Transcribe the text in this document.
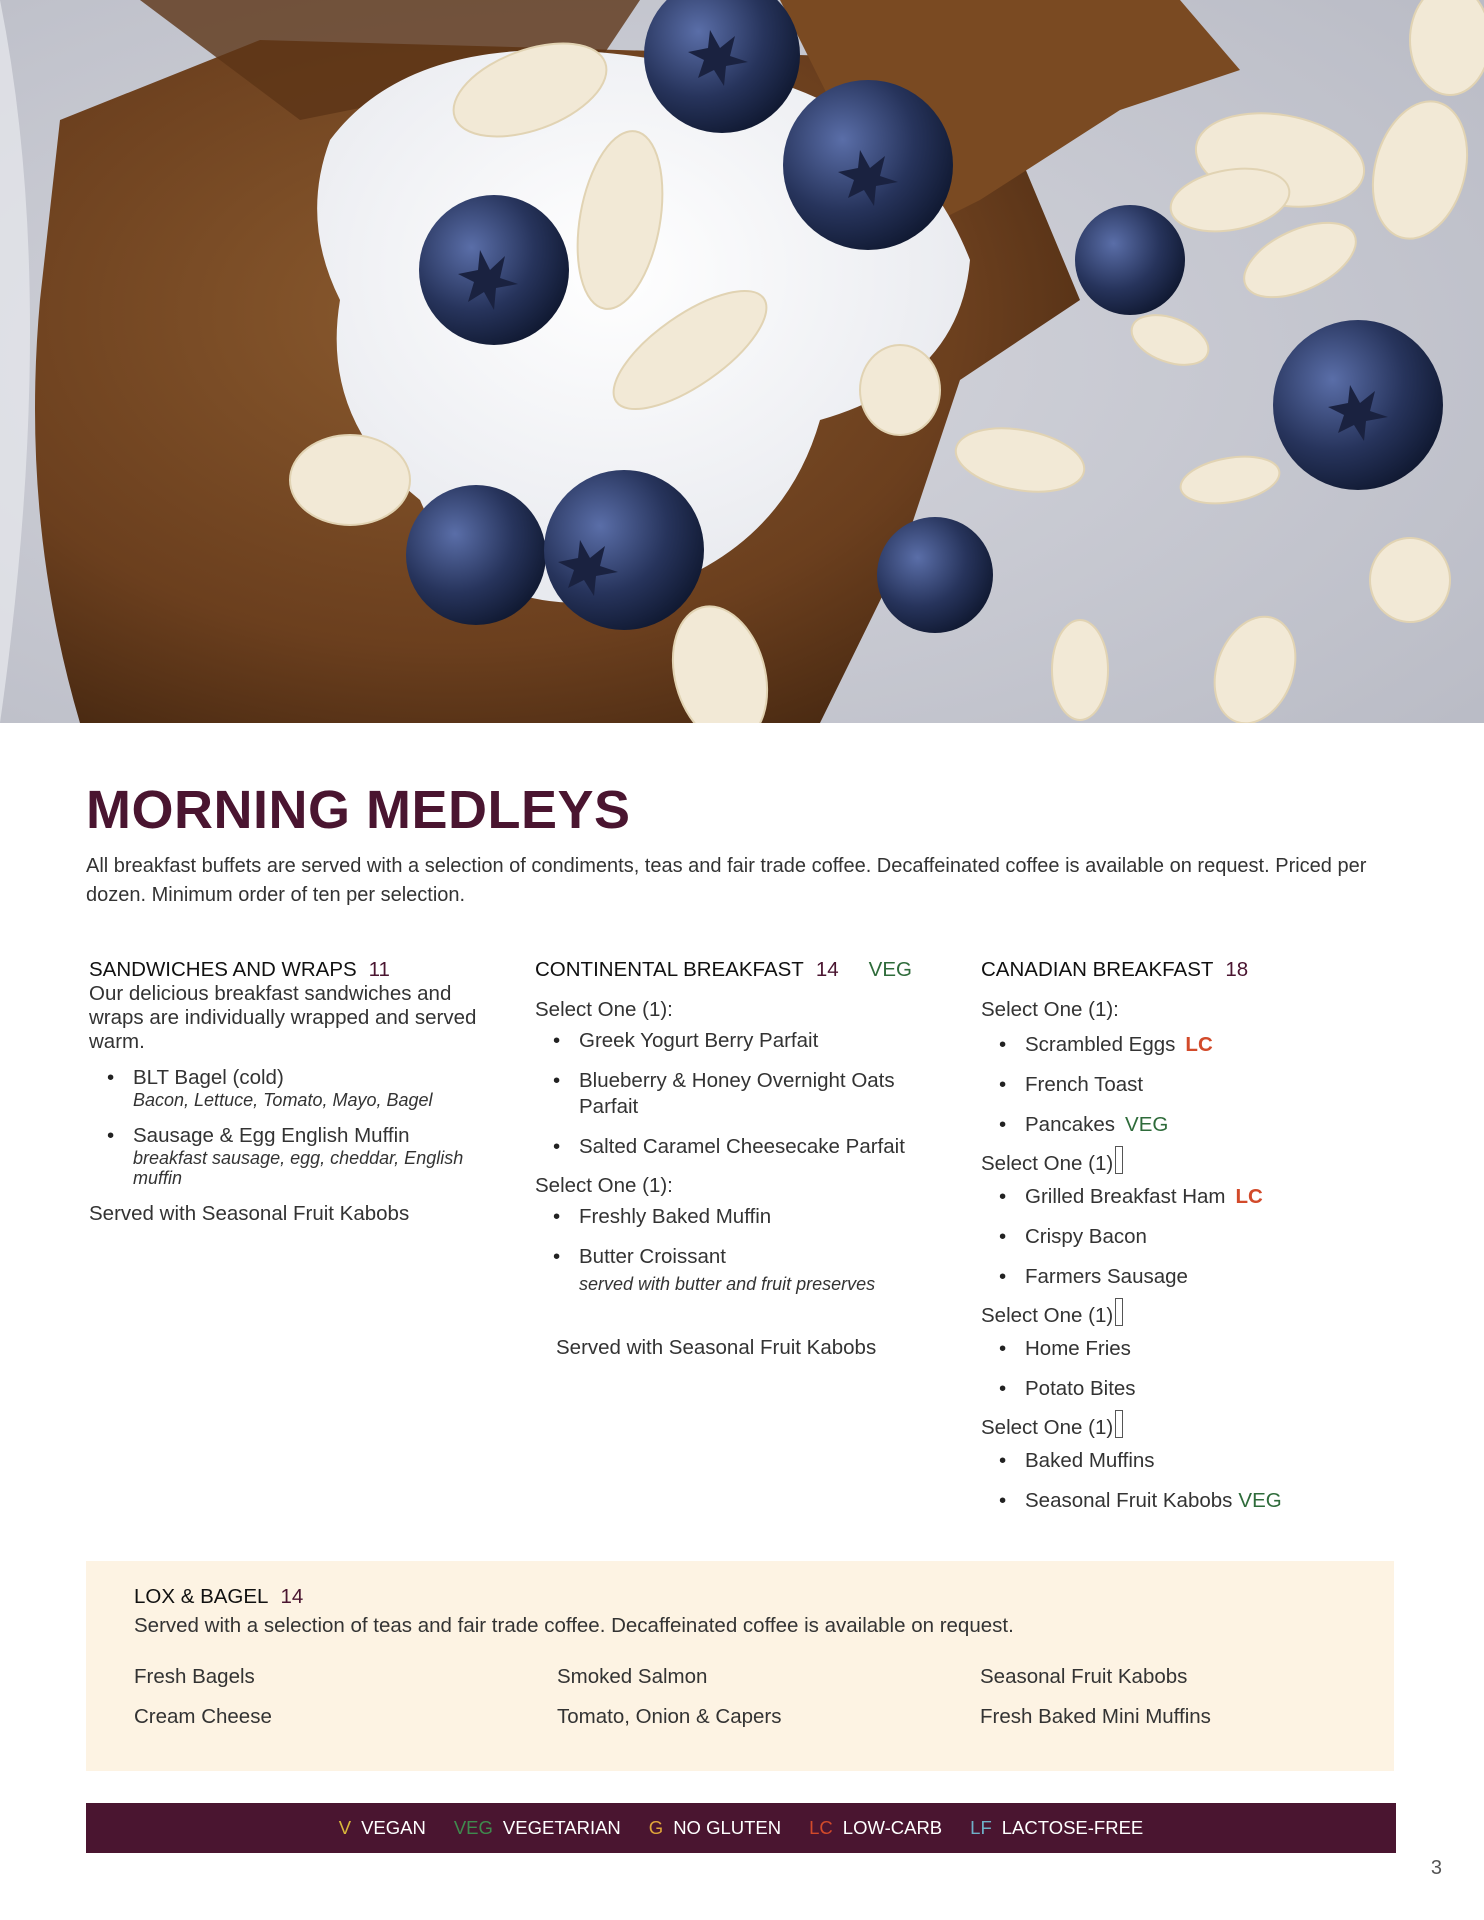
MORNING MEDLEYS

All breakfast buffets are served with a selection of condiments, teas and fair trade coffee. Decaffeinated coffee is available on request. Priced per dozen. Minimum order of ten per selection.

SANDWICHES AND WRAPS 11

Our delicious breakfast sandwiches and wraps are individually wrapped and served warm.

• BLT Bagel (cold)
Bacon, Lettuce, Tomato, Mayo, Bagel
• Sausage & Egg English Muffin
breakfast sausage, egg, cheddar, English muffin

Served with Seasonal Fruit Kabobs

CONTINENTAL BREAKFAST 14 VEG

Select One (1):

• Greek Yogurt Berry Parfait
• Blueberry & Honey Overnight Oats Parfait
• Salted Caramel Cheesecake Parfait

Select One (1):

• Freshly Baked Muffin
• Butter Croissant
served with butter and fruit preserves

Served with Seasonal Fruit Kabobs

CANADIAN BREAKFAST 18

Select One (1):

• Scrambled Eggs LC
• French Toast
• Pancakes VEG

Select One (1)

• Grilled Breakfast Ham LC
• Crispy Bacon
• Farmers Sausage

Select One (1)

• Home Fries
• Potato Bites

Select One (1)

• Baked Muffins
• Seasonal Fruit Kabobs VEG
LOX & BAGEL 14
Served with a selection of teas and fair trade coffee. Decaffeinated coffee is available on request.
Fresh Bagels
Cream Cheese
Smoked Salmon
Tomato, Onion & Capers
Seasonal Fruit Kabobs
Fresh Baked Mini Muffins
V VEGAN VEG VEGETARIAN G NO GLUTEN LC LOW-CARB LF LACTOSE-FREE
3
